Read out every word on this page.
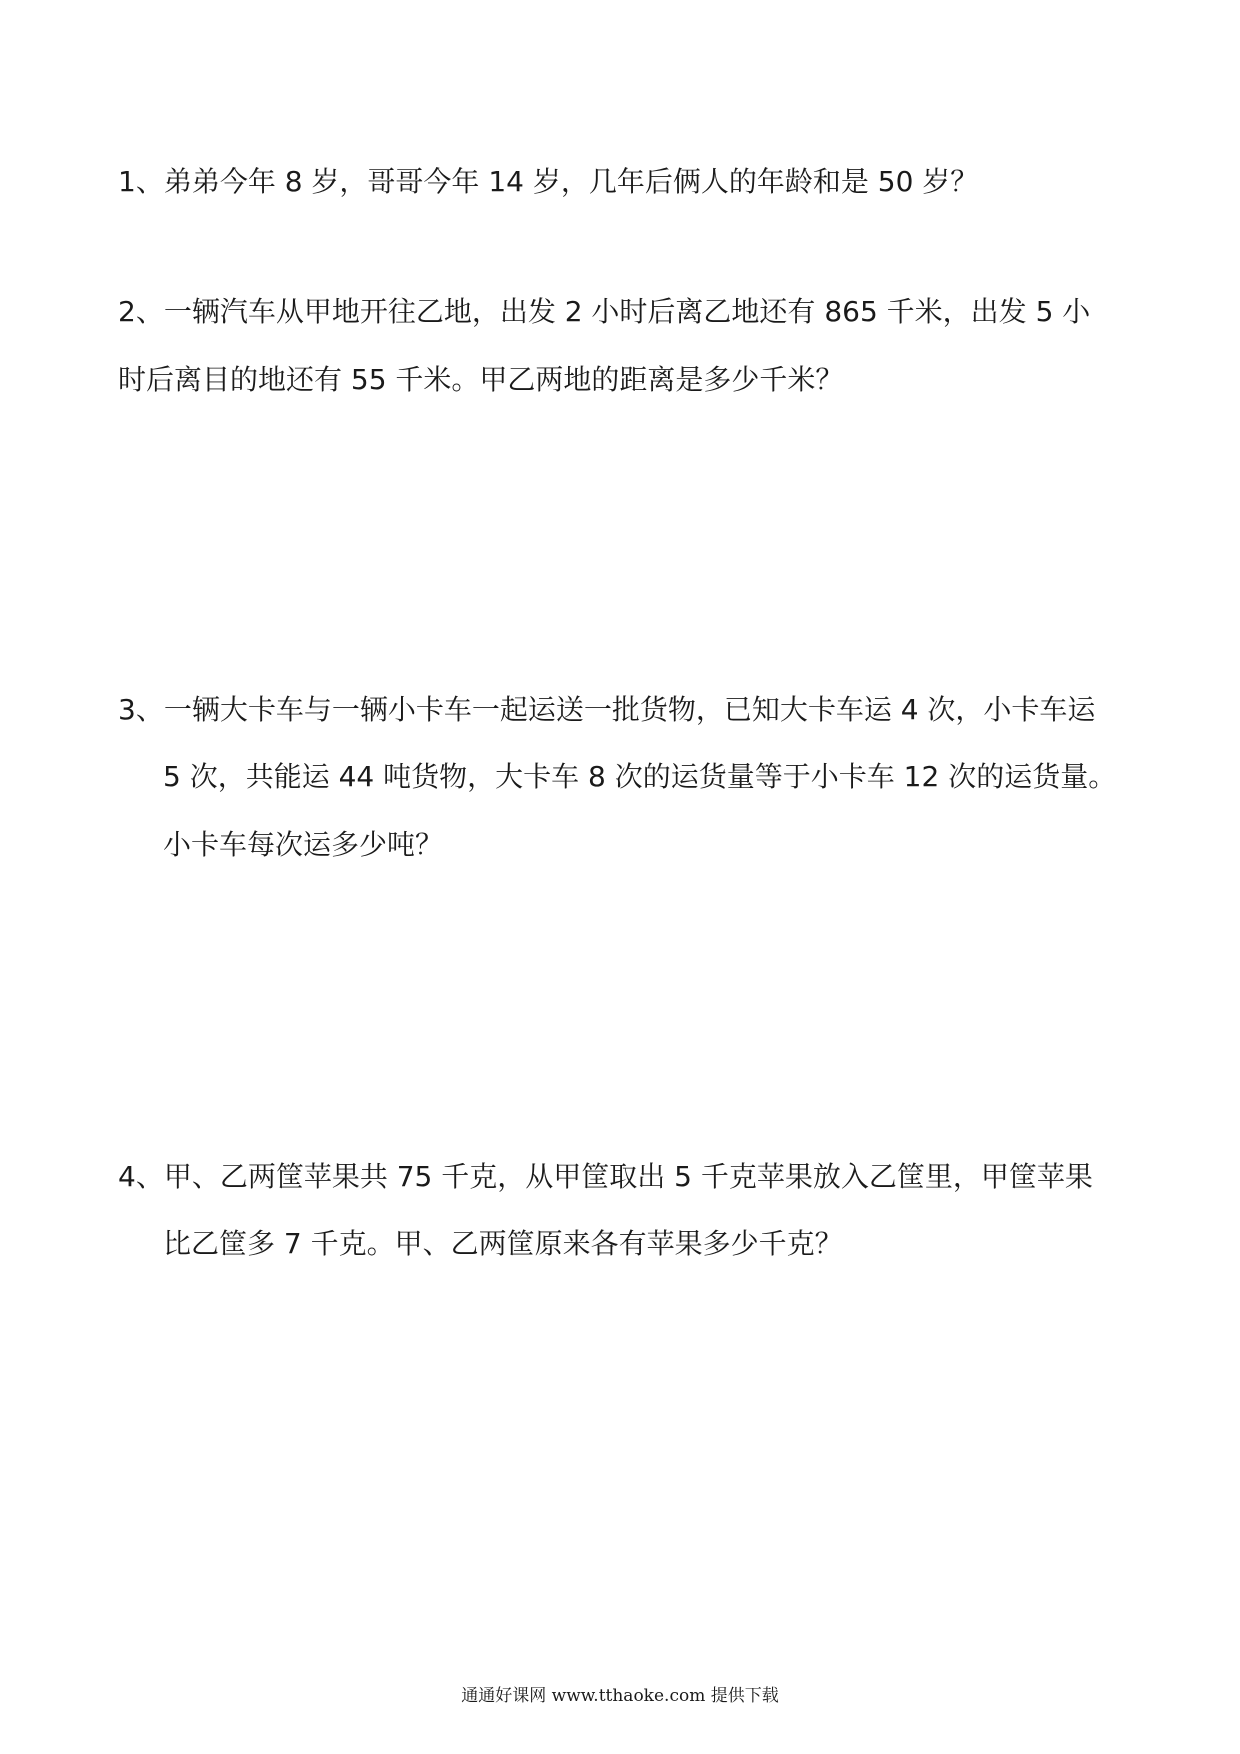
1、弟弟今年 8 岁，哥哥今年 14 岁，几年后俩人的年龄和是 50 岁？
2、一辆汽车从甲地开往乙地，出发 2 小时后离乙地还有 865 千米，出发 5 小
时后离目的地还有 55 千米。甲乙两地的距离是多少千米？
3、一辆大卡车与一辆小卡车一起运送一批货物，已知大卡车运 4 次，小卡车运
5 次，共能运 44 吨货物，大卡车 8 次的运货量等于小卡车 12 次的运货量。
小卡车每次运多少吨？
4、甲、乙两筐苹果共 75 千克，从甲筐取出 5 千克苹果放入乙筐里，甲筐苹果
比乙筐多 7 千克。甲、乙两筐原来各有苹果多少千克？
通通好课网 www.tthaoke.com 提供下载
